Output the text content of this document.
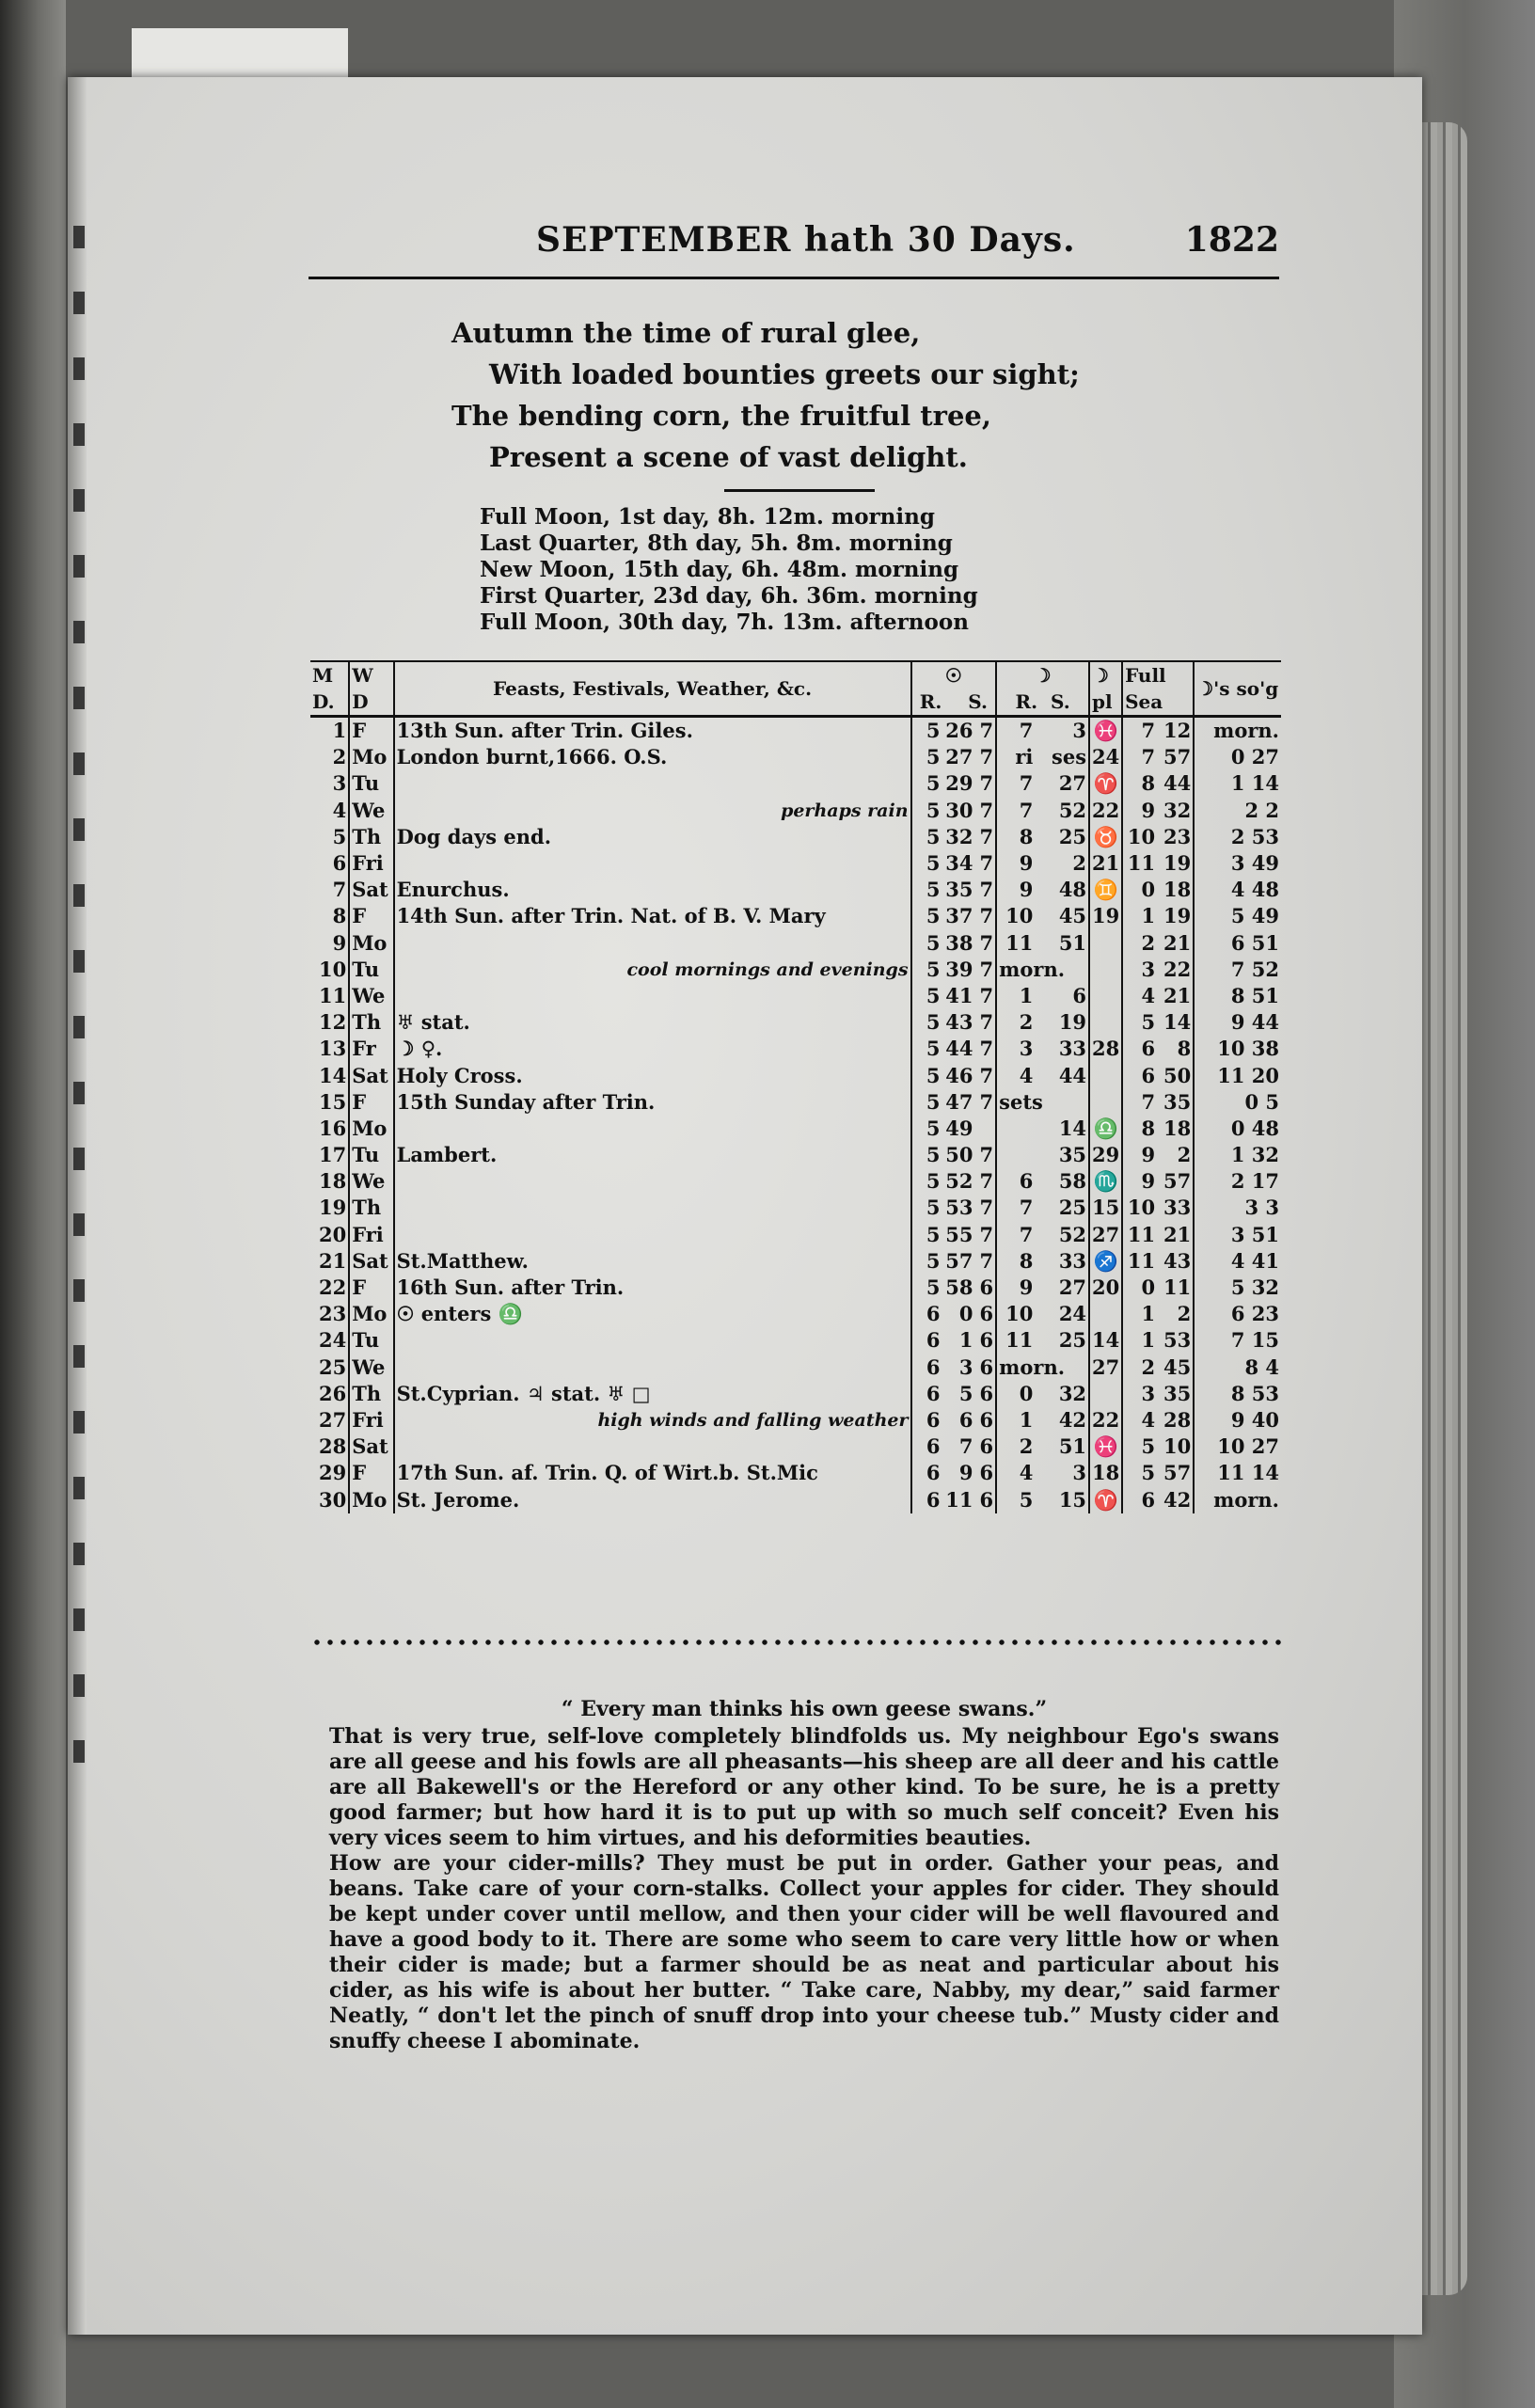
SEPTEMBER hath 30 Days.	1822
Autumn the time of rural glee,
With loaded bounties greets our sight;
The bending corn, the fruitful tree,
Present a scene of vast delight.
Full Moon, 1st day, 8h. 12m. morning
Last Quarter, 8th day, 5h. 8m. morning
New Moon, 15th day, 6h. 48m. morning
First Quarter, 23d day, 6h. 36m. morning
Full Moon, 30th day, 7h. 13m. afternoon
M D.	W D	Feasts, Festivals, Weather, &c.	☉
R. S.			☽
R. S.		☽ pl	Full Sea		☽'s so'g
1	F	13th Sun. after Trin. Giles.	5	26	7	7	3	♓	7	12	morn.
2	Mo	London burnt,1666. O.S.	5	27	7	ri	ses	24	7	57	0 27
3	Tu		5	29	7	7	27	♈	8	44	1 14
4	We	perhaps rain	5	30	7	7	52	22	9	32	2 2
5	Th	Dog days end.	5	32	7	8	25	♉	10	23	2 53
6	Fri		5	34	7	9	2	21	11	19	3 49
7	Sat	Enurchus.	5	35	7	9	48	♊	0	18	4 48
8	F	14th Sun. after Trin. Nat. of B. V. Mary	5	37	7	10	45	19	1	19	5 49
9	Mo		5	38	7	11	51		2	21	6 51
10	Tu	cool mornings and evenings	5	39	7	morn.			3	22	7 52
11	We		5	41	7	1	6		4	21	8 51
12	Th	♅ stat.	5	43	7	2	19		5	14	9 44
13	Fr	☽ ♀.	5	44	7	3	33	28	6	8	10 38
14	Sat	Holy Cross.	5	46	7	4	44		6	50	11 20
15	F	15th Sunday after Trin.	5	47	7	sets			7	35	0 5
16	Mo		5	49			14	♎	8	18	0 48
17	Tu	Lambert.	5	50	7		35	29	9	2	1 32
18	We		5	52	7	6	58	♏	9	57	2 17
19	Th		5	53	7	7	25	15	10	33	3 3
20	Fri		5	55	7	7	52	27	11	21	3 51
21	Sat	St.Matthew.	5	57	7	8	33	♐	11	43	4 41
22	F	16th Sun. after Trin.	5	58	6	9	27	20	0	11	5 32
23	Mo	☉ enters ♎	6	0	6	10	24		1	2	6 23
24	Tu		6	1	6	11	25	14	1	53	7 15
25	We		6	3	6	morn.		27	2	45	8 4
26	Th	St.Cyprian. ♃ stat. ♅ □	6	5	6	0	32		3	35	8 53
27	Fri	high winds and falling weather	6	6	6	1	42	22	4	28	9 40
28	Sat		6	7	6	2	51	♓	5	10	10 27
29	F	17th Sun. af. Trin. Q. of Wirt.b. St.Mic	6	9	6	4	3	18	5	57	11 14
30	Mo	St. Jerome.	6	11	6	5	15	♈	6	42	morn.
“ Every man thinks his own geese swans.”

That is very true, self-love completely blindfolds us. My neighbour Ego's swans are all geese and his fowls are all pheasants—his sheep are all deer and his cattle are all Bakewell's or the Hereford or any other kind. To be sure, he is a pretty good farmer; but how hard it is to put up with so much self conceit? Even his very vices seem to him virtues, and his deformities beauties.

How are your cider-mills? They must be put in order. Gather your peas, and beans. Take care of your corn-stalks. Collect your apples for cider. They should be kept under cover until mellow, and then your cider will be well flavoured and have a good body to it. There are some who seem to care very little how or when their cider is made; but a farmer should be as neat and particular about his cider, as his wife is about her butter. “ Take care, Nabby, my dear,” said farmer Neatly, “ don't let the pinch of snuff drop into your cheese tub.” Musty cider and snuffy cheese I abominate.
